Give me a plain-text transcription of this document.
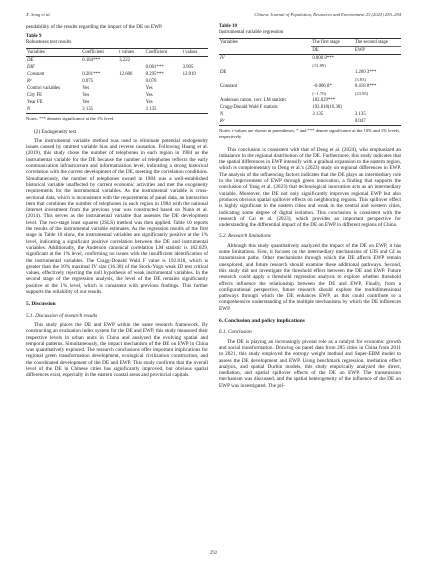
X. Song et al.	Chinese Journal of Population, Resources and Environment 23 (2025) 283–294

pendability of the results regarding the impact of the DE on EWP.

Table 9
Robustness test results
Variables	Coefficient	t values	Coefficient	t values
DE	0.184***	3.222		
DIF			0.001***	3.995
Constant	0.281***	12.606	0.295***	12.819
R²	0.075		0.076	
Control variables	Yes		Yes	
City FE	Yes		Yes	
Year FE	Yes		Yes	
N	3 135		3 135	
Notes: *** denotes significance at the 1% level.

(2) Endogeneity test

The instrumental variable method was used to eliminate potential endogeneity issues caused by omitted variable bias and reverse causation. Following Huang et al. (2019), this study chose the number of telephones in each region in 1984 as the instrumental variable for the DE because the number of telephones reflects the early communication infrastructure and informatization level, indicating a strong historical correlation with the current development of the DE, meeting the correlation conditions. Simultaneously, the number of telephones owned in 1984 was a well-established historical variable unaffected by current economic activities and met the exogeneity requirements for the instrumental variables. As the instrumental variable is cross-sectional data, which is inconsistent with the requirements of panel data, an interaction item that combines the number of telephones in each region in 1984 with the national Internet investment from the previous year was constructed based on Nunn et al. (2014). This serves as the instrumental variable that assesses the DE development level. The two-stage least squares (2SLS) method was then applied. Table 10 reports the results of the instrumental variable estimates. As the regression results of the first stage in Table 10 show, the instrumental variables are significantly positive at the 1% level, indicating a significant positive correlation between the DE and instrumental variables. Additionally, the Anderson canonical correlation LM statistic is 182.029, significant at the 1% level, confirming no issues with the insufficient identification of the instrumental variables. The Cragg-Donald Wald F value is 192.818, which is greater than the 10% maximal IV size (16.38) of the Stock-Yogo weak ID test critical values, effectively rejecting the null hypothesis of weak instrumental variables. In the second stage of the regression analysis, the level of the DE remains significantly positive at the 1% level, which is consistent with previous findings. This further supports the reliability of our results.

5. Discussion
5.1. Discussion of research results

This study places the DE and EWP within the same research framework. By constructing an evaluation index system for the DE and EWP, this study measured their respective levels in urban units in China and analyzed the evolving spatial and temporal patterns. Simultaneously, the impact mechanism of the DE on EWP in China was quantitatively explored. The research conclusions offer important implications for regional green transformation development, ecological civilization construction, and the coordinated development of the DE and EWP. This study confirms that the overall level of the DE in Chinese cities has significantly improved, but obvious spatial differences exist, especially in the eastern coastal areas and provincial capitals.

Table 10
Instrumental variable regression
Variables	The first stage	The second stage
	DE	EWP
IV	0.000 8***	
	(13.89)	
DE		1.260 3***
		(3.83)
Constant	−0.006 8*	0.418 8***
	(−1.76)	(23.95)
Anderson canon. corr. LM statistic	182.029***	
Cragg-Donald Wald F statistic	192.818(16.38)	
N	3 135	3 135
R²		0.047
Notes: t-values are shown in parentheses; * and *** denote significance at the 10% and 1% levels, respectively.

This conclusion is consistent with that of Deng et al. (2024), who emphasized an imbalance in the regional distribution of the DE. Furthermore, this study indicates that the spatial differences in EWP intensify with a gradual expansion to the eastern region, which is complementary to Deng et al.'s (2023) study on regional differences in EWP. The analysis of the influencing factors indicates that the DE plays an intermediary role in the improvement of EWP through green innovation, a finding that supports the conclusion of Yang et al. (2023) that technological innovation acts as an intermediary variable. Moreover, the DE not only significantly improves regional EWP but also produces obvious spatial spillover effects on neighboring regions. This spillover effect is highly significant in the eastern cities and weak in the central and western cities, indicating some degree of digital isolation. This conclusion is consistent with the research of Cai et al. (2023), which provides an important perspective for understanding the differential impact of the DE on EWP in different regions of China.

5.2. Research limitations

Although this study quantitatively analyzed the impact of the DE on EWP, it has some limitations. First, it focuses on the intermediary mechanisms of UIS and GI as transmission paths. Other mechanisms through which the DE affects EWP remain unexplored, and future research should examine these additional pathways. Second, this study did not investigate the threshold effect between the DE and EWP. Future research could apply a threshold regression analysis to explore whether threshold effects influence the relationship between the DE and EWP. Finally, from a configurational perspective, future research should explore the multidimensional pathways through which the DE enhances EWP, as this could contribute to a comprehensive understanding of the multiple mechanisms by which the DE influences EWP.

6. Conclusion and policy implications
6.1. Conclusion

The DE is playing an increasingly pivotal role as a catalyst for economic growth and social transformation. Drawing on panel data from 285 cities in China from 2011 to 2021, this study employed the entropy weight method and Super-EBM model to assess the DE development and EWP. Using benchmark regression, mediation effect analysis, and spatial Durbin models, this study empirically analyzed the direct, mediation, and spatial spillover effects of the DE on EWP. The transmission mechanism was discussed, and the spatial heterogeneity of the influence of the DE on EWP was investigated. The pri-

292
